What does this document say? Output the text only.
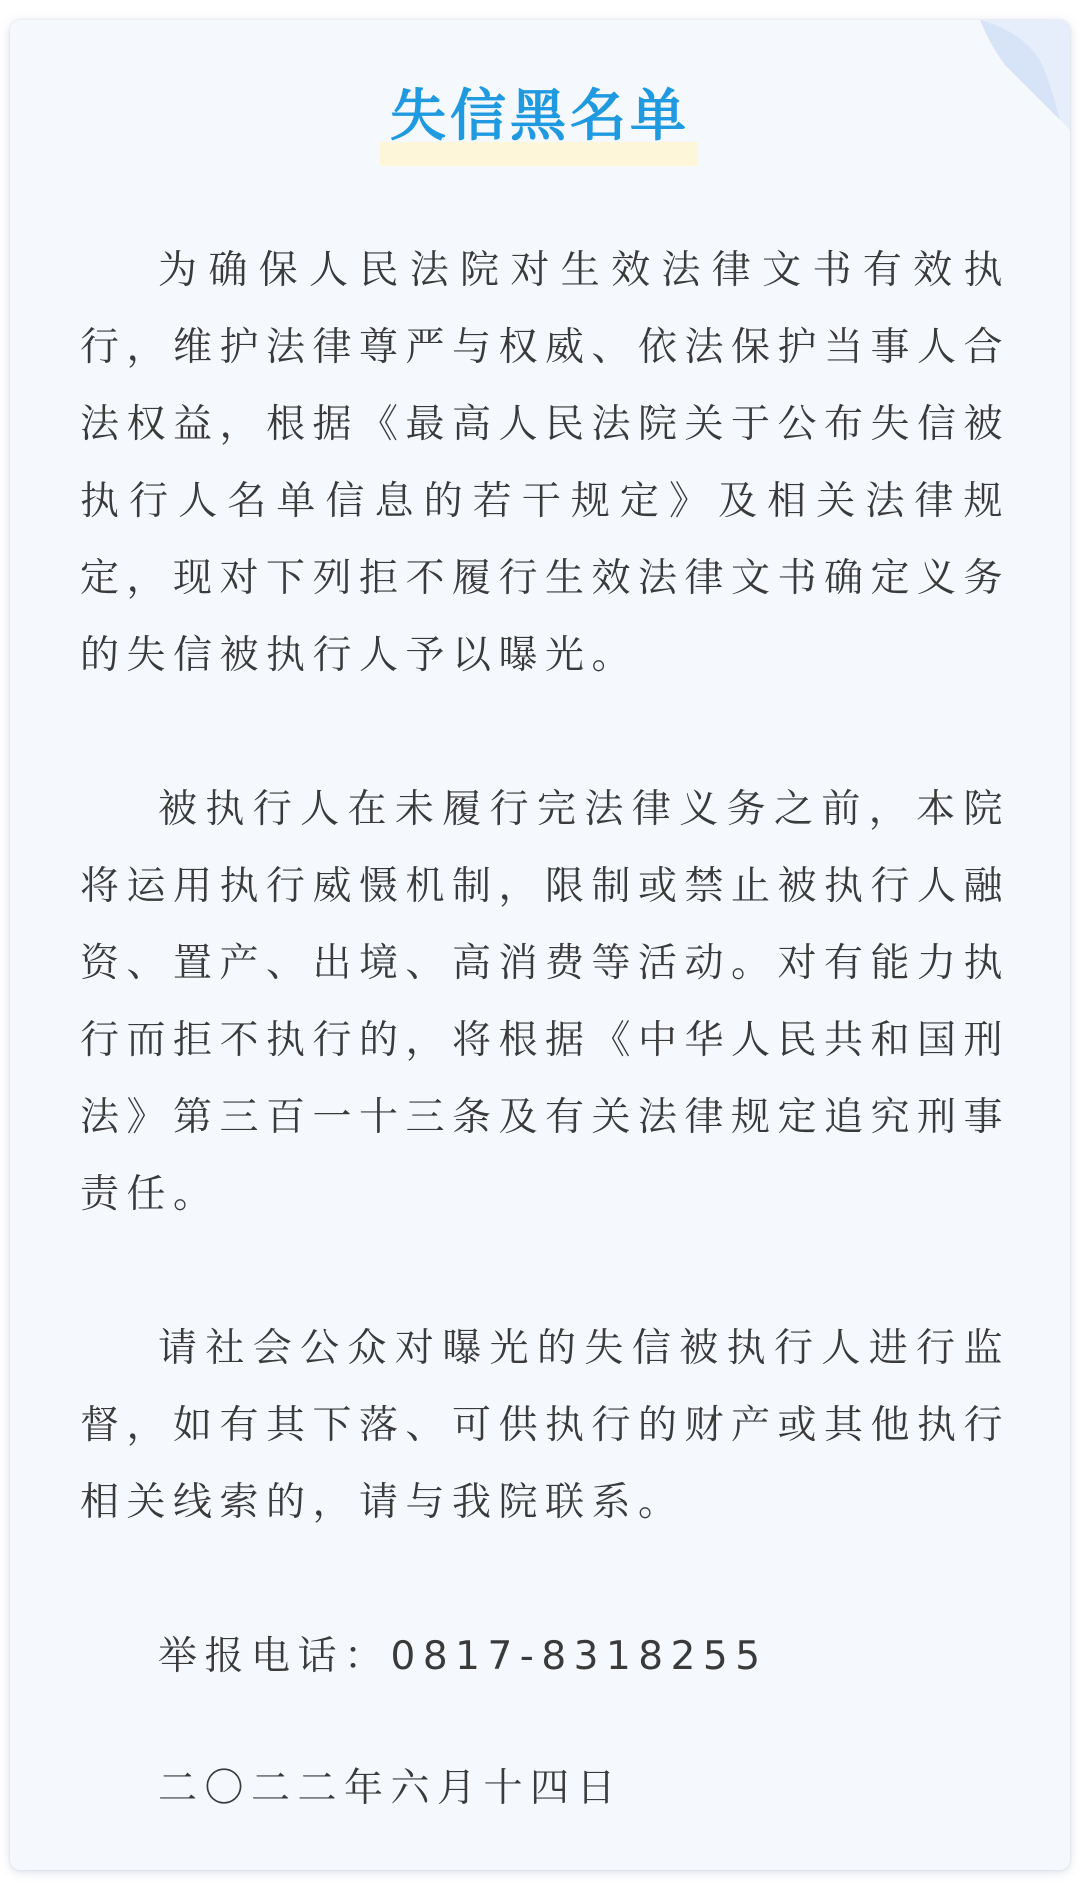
失信黑名单

为确保人民法院对生效法律文书有效执行，维护法律尊严与权威、依法保护当事人合法权益，根据《最高人民法院关于公布失信被执行人名单信息的若干规定》及相关法律规定，现对下列拒不履行生效法律文书确定义务的失信被执行人予以曝光。

被执行人在未履行完法律义务之前，本院将运用执行威慑机制，限制或禁止被执行人融资、置产、出境、高消费等活动。对有能力执行而拒不执行的，将根据《中华人民共和国刑法》第三百一十三条及有关法律规定追究刑事责任。

请社会公众对曝光的失信被执行人进行监督，如有其下落、可供执行的财产或其他执行相关线索的，请与我院联系。

举报电话：0817-8318255

二〇二二年六月十四日
